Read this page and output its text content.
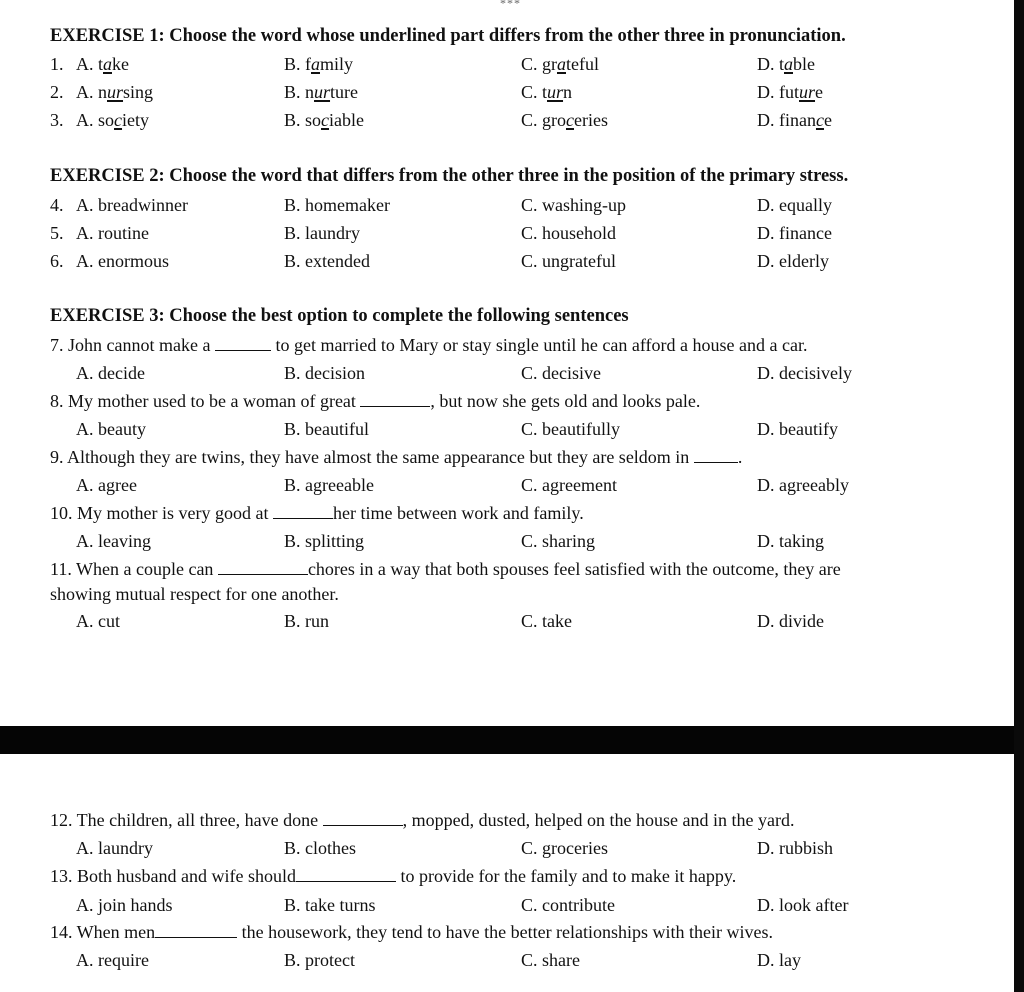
***
EXERCISE 1: Choose the word whose underlined part differs from the other three in pronunciation.
1. A. take	B. family	C. grateful	D. table
2. A. nursing	B. nurture	C. turn	D. future
3. A. society	B. sociable	C. groceries	D. finance
EXERCISE 2: Choose the word that differs from the other three in the position of the primary stress.
4. A. breadwinner	B. homemaker	C. washing-up	D. equally
5. A. routine	B. laundry	C. household	D. finance
6. A. enormous	B. extended	C. ungrateful	D. elderly
EXERCISE 3: Choose the best option to complete the following sentences
7. John cannot make a	to get married to Mary or stay single until he can afford a house and a car.
A. decide	B. decision	C. decisive	D. decisively
8. My mother used to be a woman of great	, but now she gets old and looks pale.
A. beauty	B. beautiful	C. beautifully	D. beautify
9. Although they are twins, they have almost the same appearance but they are seldom in .
A. agree	B. agreeable	C. agreement	D. agreeably
10. My mother is very good at	her time between work and family.
A. leaving	B. splitting	C. sharing	D. taking
11. When a couple can	chores in a way that both spouses feel satisfied with the outcome, they are
showing mutual respect for one another.
A. cut	B. run	C. take	D. divide
12. The children, all three, have done	, mopped, dusted, helped on the house and in the yard.
A. laundry	B. clothes	C. groceries	D. rubbish
13. Both husband and wife should	to provide for the family and to make it happy.
A. join hands	B. take turns	C. contribute	D. look after
14. When men	the housework, they tend to have the better relationships with their wives.
A. require	B. protect	C. share	D. lay
